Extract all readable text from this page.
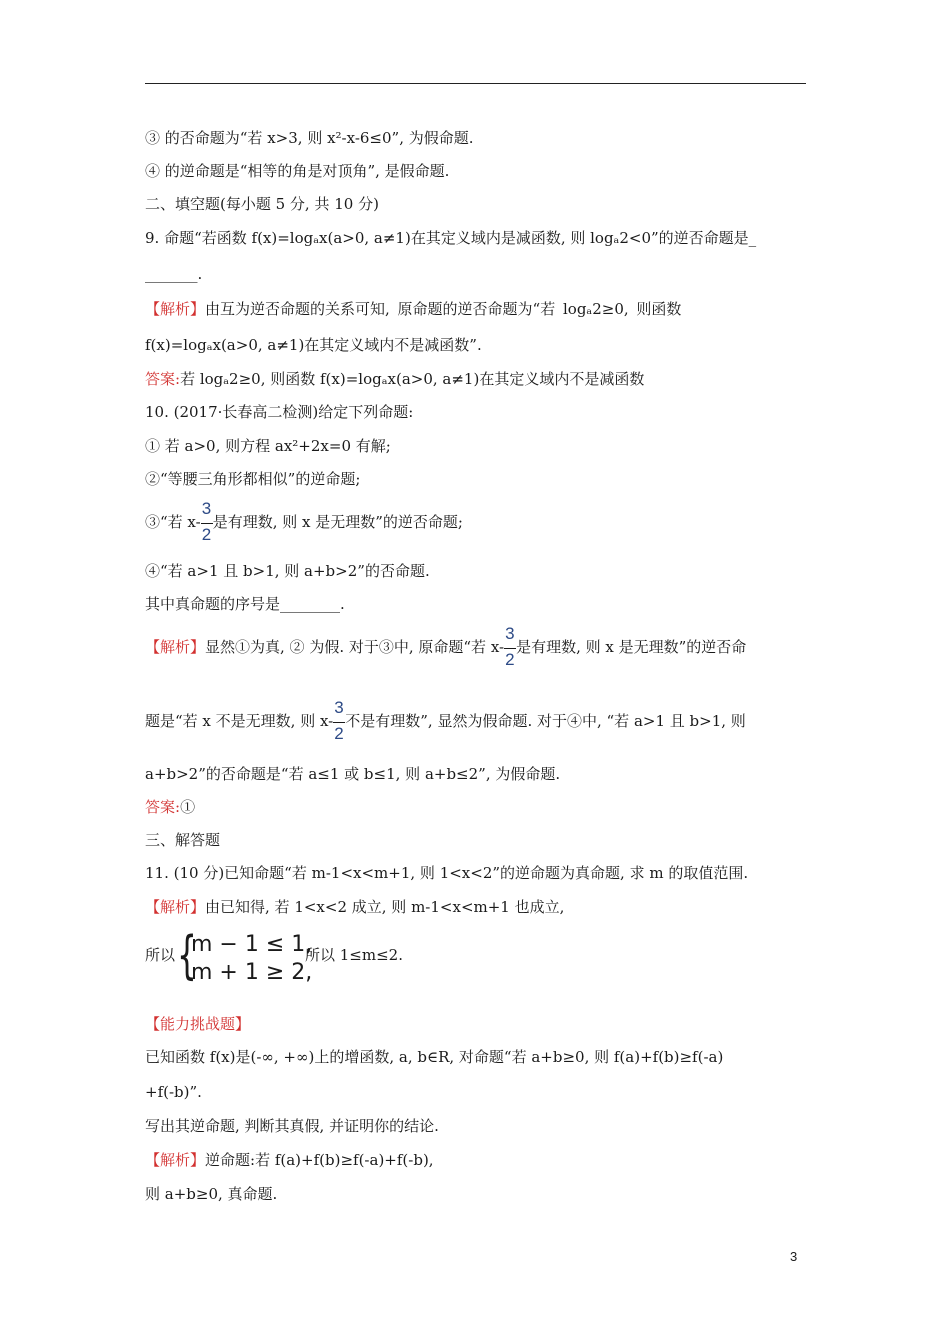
③ 的否命题为“若 x>3, 则 x²-x-6≤0”, 为假命题.
④ 的逆命题是“相等的角是对顶角”, 是假命题.
二、填空题(每小题 5 分, 共 10 分)
9. 命题“若函数 f(x)=logₐx(a>0, a≠1)在其定义域内是减函数, 则 logₐ2<0”的逆否命题是_
_______.
【解析】由互为逆否命题的关系可知, 原命题的逆否命题为“若 logₐ2≥0, 则函数
f(x)=logₐx(a>0, a≠1)在其定义域内不是减函数”.
答案:若 logₐ2≥0, 则函数 f(x)=logₐx(a>0, a≠1)在其定义域内不是减函数
10. (2017·长春高二检测)给定下列命题:
① 若 a>0, 则方程 ax²+2x=0 有解;
②“等腰三角形都相似”的逆命题;
③“若 $x- \frac{3}{2}$ 是有理数, 则 x 是无理数”的逆否命题;
④“若 a>1 且 b>1, 则 a+b>2”的否命题.
其中真命题的序号是________.
【解析】显然①为真, ② 为假. 对于③中, 原命题“若 $x- \frac{3}{2}$ 是有理数, 则 x 是无理数”的逆否命
题是“若 x 不是无理数, 则 $x- \frac{3}{2}$ 不是有理数”, 显然为假命题. 对于④中, “若 a>1 且 b>1, 则
a+b>2”的否命题是“若 a≤1 或 b≤1, 则 a+b≤2”, 为假命题.
答案:①
三、解答题
11. (10 分)已知命题“若 m-1<x<m+1, 则 1<x<2”的逆命题为真命题, 求 m 的取值范围.
【解析】由已知得, 若 1<x<2 成立, 则 m-1<x<m+1 也成立,
所以 {
m − 1 ≤ 1,
m + 1 ≥ 2,
所以 1≤m≤2.
【能力挑战题】
已知函数 f(x)是(-∞, +∞)上的增函数, a, b∈R, 对命题“若 a+b≥0, 则 f(a)+f(b)≥f(-a)
+f(-b)”.
写出其逆命题, 判断其真假, 并证明你的结论.
【解析】逆命题:若 f(a)+f(b)≥f(-a)+f(-b),
则 a+b≥0, 真命题.
3
